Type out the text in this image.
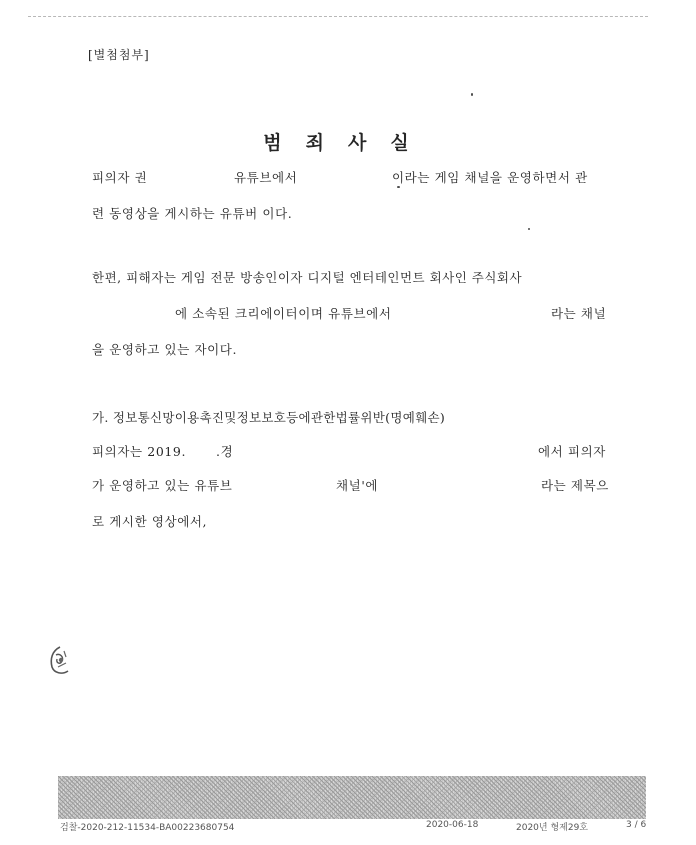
[별첨첨부]
범죄사실
피의자 권	유튜브에서	이라는 게임 채널을 운영하면서 관
련 동영상을 게시하는 유튜버 이다.
한편, 피해자는 게임 전문 방송인이자 디지털 엔터테인먼트 회사인 주식회사
에 소속된 크리에이터이며 유튜브에서	라는 채널
을 운영하고 있는 자이다.
가. 정보통신망이용촉진및정보보호등에관한법률위반(명예훼손)
피의자는 2019. .경	에서 피의자
가 운영하고 있는 유튜브	채널'에	라는 제목으
로 게시한 영상에서,
검찰-2020-212-11534-BA00223680754	2020-06-18	2020년 형제29호	3 / 6
